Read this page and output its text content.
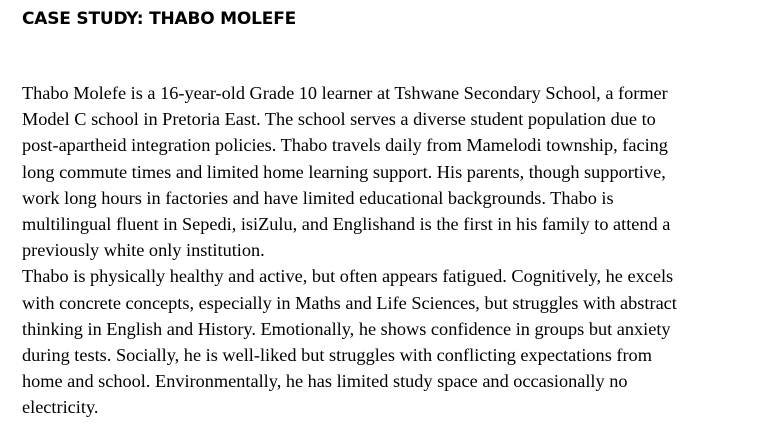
CASE STUDY: THABO MOLEFE

Thabo Molefe is a 16-year-old Grade 10 learner at Tshwane Secondary School, a former
Model C school in Pretoria East. The school serves a diverse student population due to
post-apartheid integration policies. Thabo travels daily from Mamelodi township, facing
long commute times and limited home learning support. His parents, though supportive,
work long hours in factories and have limited educational backgrounds. Thabo is
multilingual fluent in Sepedi, isiZulu, and Englishand is the first in his family to attend a
previously white only institution.

Thabo is physically healthy and active, but often appears fatigued. Cognitively, he excels
with concrete concepts, especially in Maths and Life Sciences, but struggles with abstract
thinking in English and History. Emotionally, he shows confidence in groups but anxiety
during tests. Socially, he is well-liked but struggles with conflicting expectations from
home and school. Environmentally, he has limited study space and occasionally no
electricity.
